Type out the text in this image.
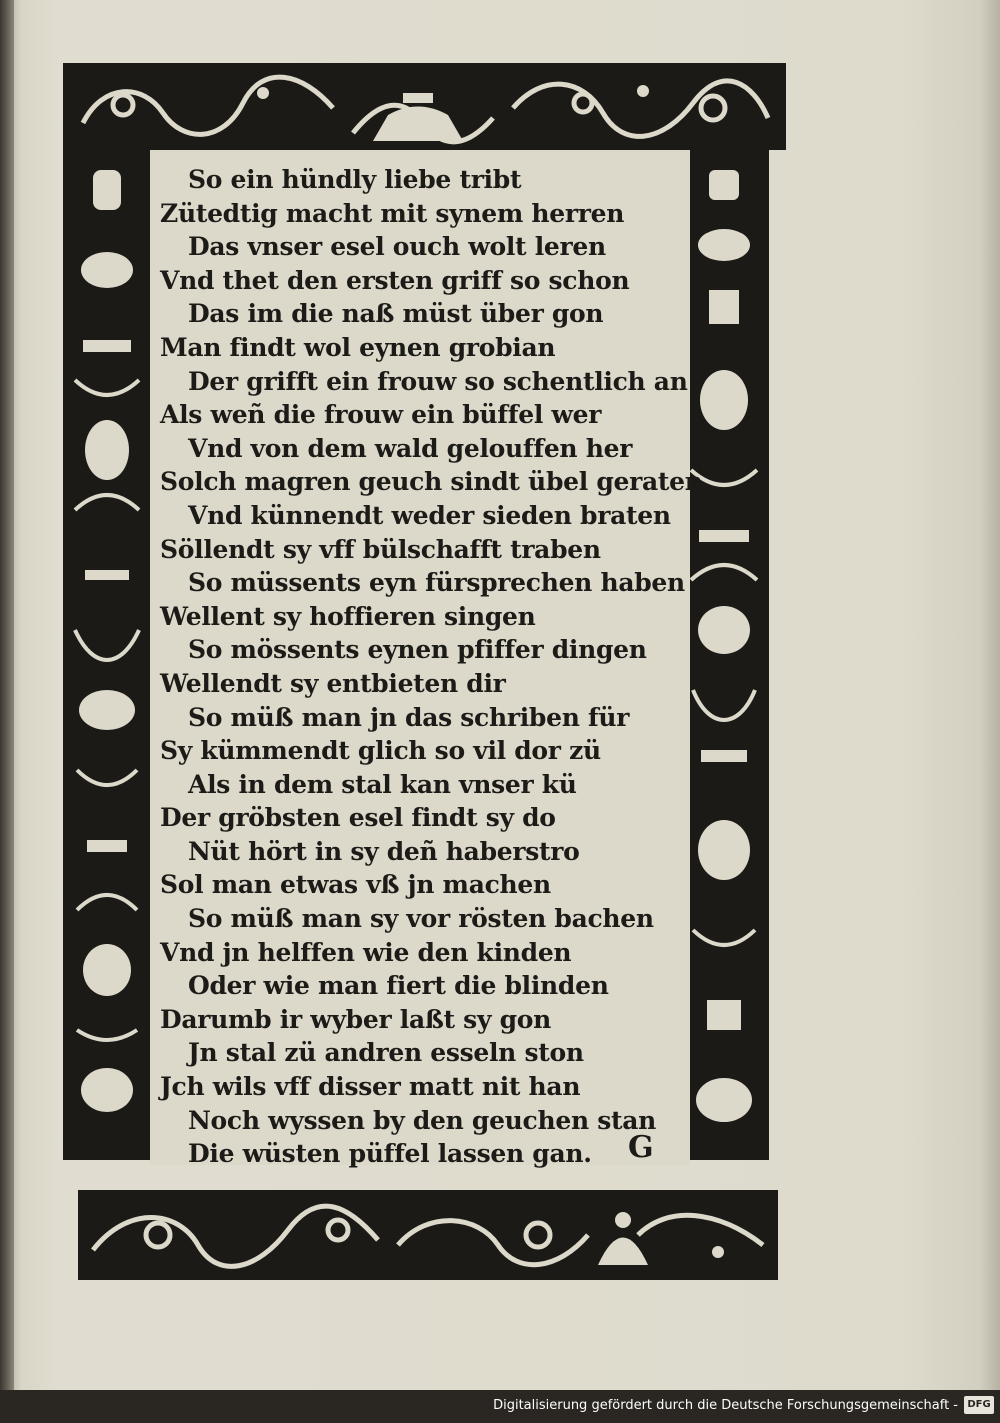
So ein hündly liebe tribt
Zütedtig macht mit synem herren
Das vnser esel ouch wolt leren
Vnd thet den ersten griff so schon
Das im die naß müst über gon
Man findt wol eynen grobian
Der grifft ein frouw so schentlich an
Als weñ die frouw ein büffel wer
Vnd von dem wald gelouffen her
Solch magren geuch sindt übel geraten
Vnd künnendt weder sieden braten
Söllendt sy vff bülschafft traben
So müssents eyn fürsprechen haben
Wellent sy hoffieren singen
So mössents eynen pfiffer dingen
Wellendt sy entbieten dir
So müß man jn das schriben für
Sy kümmendt glich so vil dor zü
Als in dem stal kan vnser kü
Der gröbsten esel findt sy do
Nüt hört in sy deñ haberstro
Sol man etwas vß jn machen
So müß man sy vor rösten bachen
Vnd jn helffen wie den kinden
Oder wie man fiert die blinden
Darumb ir wyber laßt sy gon
Jn stal zü andren esseln ston
Jch wils vff disser matt nit han
Noch wyssen by den geuchen stan
Die wüsten püffel lassen gan.	G
Digitalisierung gefördert durch die Deutsche Forschungsgemeinschaft - DFG
